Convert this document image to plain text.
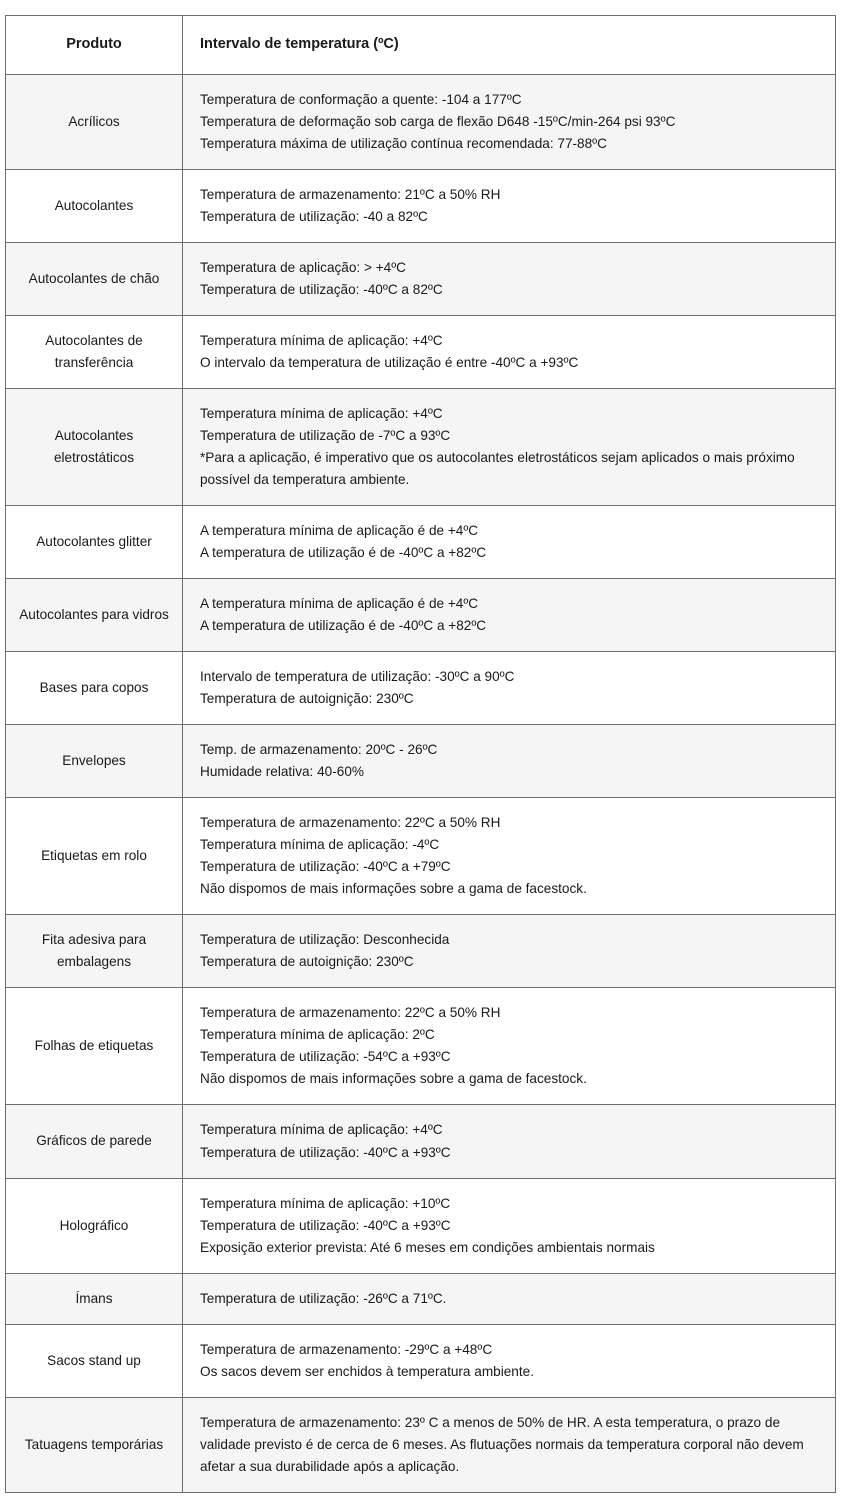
Produto	Intervalo de temperatura (ºC)

Acrílicos	Temperatura de conformação a quente: -104 a 177ºC
Temperatura de deformação sob carga de flexão D648 -15ºC/min-264 psi 93ºC
Temperatura máxima de utilização contínua recomendada: 77-88ºC

Autocolantes	Temperatura de armazenamento: 21ºC a 50% RH
Temperatura de utilização: -40 a 82ºC

Autocolantes de chão	Temperatura de aplicação: > +4ºC
Temperatura de utilização: -40ºC a 82ºC

Autocolantes de transferência	Temperatura mínima de aplicação: +4ºC
O intervalo da temperatura de utilização é entre -40ºC a +93ºC

Autocolantes eletrostáticos	Temperatura mínima de aplicação: +4ºC
Temperatura de utilização de -7ºC a 93ºC
*Para a aplicação, é imperativo que os autocolantes eletrostáticos sejam aplicados o mais próximo possível da temperatura ambiente.

Autocolantes glitter	A temperatura mínima de aplicação é de +4ºC
A temperatura de utilização é de -40ºC a +82ºC

Autocolantes para vidros	A temperatura mínima de aplicação é de +4ºC
A temperatura de utilização é de -40ºC a +82ºC

Bases para copos	Intervalo de temperatura de utilização: -30ºC a 90ºC
Temperatura de autoignição: 230ºC

Envelopes	Temp. de armazenamento: 20ºC - 26ºC
Humidade relativa: 40-60%

Etiquetas em rolo	Temperatura de armazenamento: 22ºC a 50% RH
Temperatura mínima de aplicação: -4ºC
Temperatura de utilização: -40ºC a +79ºC
Não dispomos de mais informações sobre a gama de facestock.

Fita adesiva para embalagens	Temperatura de utilização: Desconhecida
Temperatura de autoignição: 230ºC

Folhas de etiquetas	Temperatura de armazenamento: 22ºC a 50% RH
Temperatura mínima de aplicação: 2ºC
Temperatura de utilização: -54ºC a +93ºC
Não dispomos de mais informações sobre a gama de facestock.

Gráficos de parede	Temperatura mínima de aplicação: +4ºC
Temperatura de utilização: -40ºC a +93ºC

Holográfico	Temperatura mínima de aplicação: +10ºC
Temperatura de utilização: -40ºC a +93ºC
Exposição exterior prevista: Até 6 meses em condições ambientais normais

Ímans	Temperatura de utilização: -26ºC a 71ºC.

Sacos stand up	Temperatura de armazenamento: -29ºC a +48ºC
Os sacos devem ser enchidos à temperatura ambiente.

Tatuagens temporárias	Temperatura de armazenamento: 23º C a menos de 50% de HR. A esta temperatura, o prazo de validade previsto é de cerca de 6 meses. As flutuações normais da temperatura corporal não devem afetar a sua durabilidade após a aplicação.
